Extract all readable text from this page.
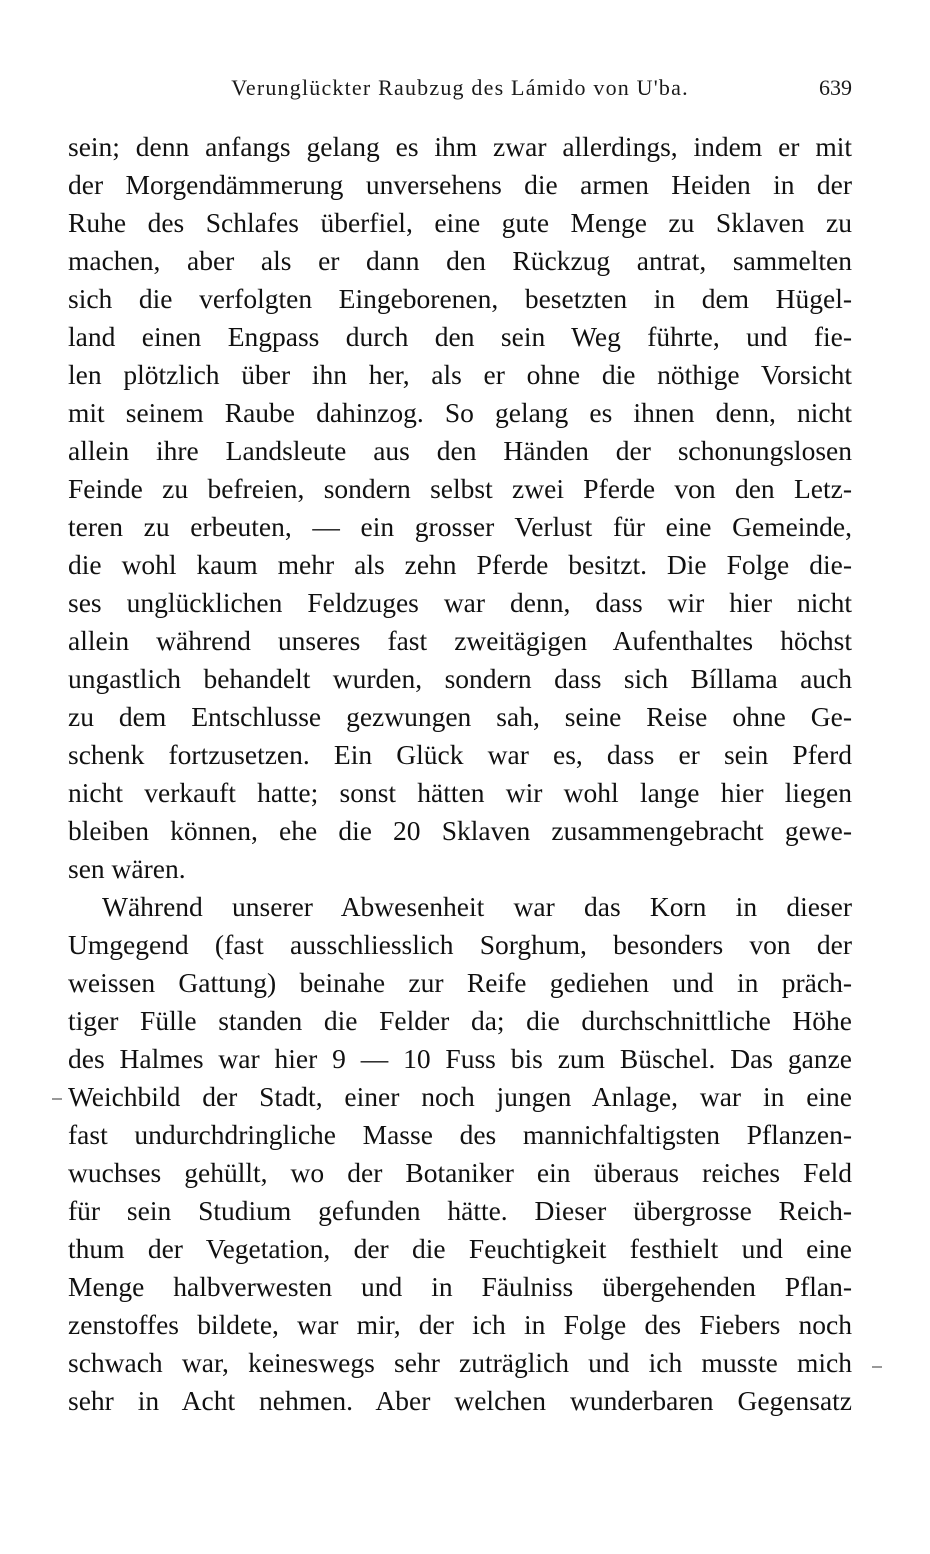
Verunglückter Raubzug des Lámido von U'ba.	639
sein; denn anfangs gelang es ihm zwar allerdings, indem er mit
der Morgendämmerung unversehens die armen Heiden in der
Ruhe des Schlafes überfiel, eine gute Menge zu Sklaven zu
machen, aber als er dann den Rückzug antrat, sammelten
sich die verfolgten Eingeborenen, besetzten in dem Hügel-
land einen Engpass durch den sein Weg führte, und fie-
len plötzlich über ihn her, als er ohne die nöthige Vorsicht
mit seinem Raube dahinzog. So gelang es ihnen denn, nicht
allein ihre Landsleute aus den Händen der schonungslosen
Feinde zu befreien, sondern selbst zwei Pferde von den Letz-
teren zu erbeuten, — ein grosser Verlust für eine Gemeinde,
die wohl kaum mehr als zehn Pferde besitzt. Die Folge die-
ses unglücklichen Feldzuges war denn, dass wir hier nicht
allein während unseres fast zweitägigen Aufenthaltes höchst
ungastlich behandelt wurden, sondern dass sich Bíllama auch
zu dem Entschlusse gezwungen sah, seine Reise ohne Ge-
schenk fortzusetzen. Ein Glück war es, dass er sein Pferd
nicht verkauft hatte; sonst hätten wir wohl lange hier liegen
bleiben können, ehe die 20 Sklaven zusammengebracht gewe-
sen wären.
Während unserer Abwesenheit war das Korn in dieser
Umgegend (fast ausschliesslich Sorghum, besonders von der
weissen Gattung) beinahe zur Reife gediehen und in präch-
tiger Fülle standen die Felder da; die durchschnittliche Höhe
des Halmes war hier 9 — 10 Fuss bis zum Büschel. Das ganze
Weichbild der Stadt, einer noch jungen Anlage, war in eine
fast undurchdringliche Masse des mannichfaltigsten Pflanzen-
wuchses gehüllt, wo der Botaniker ein überaus reiches Feld
für sein Studium gefunden hätte. Dieser übergrosse Reich-
thum der Vegetation, der die Feuchtigkeit festhielt und eine
Menge halbverwesten und in Fäulniss übergehenden Pflan-
zenstoffes bildete, war mir, der ich in Folge des Fiebers noch
schwach war, keineswegs sehr zuträglich und ich musste mich
sehr in Acht nehmen. Aber welchen wunderbaren Gegensatz
